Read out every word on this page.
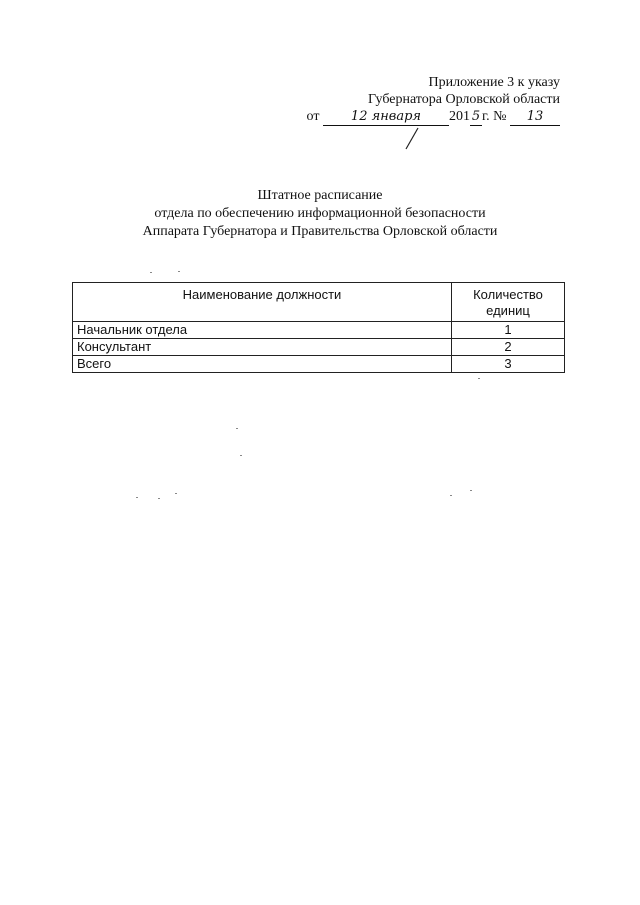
Приложение 3 к указу
Губернатора Орловской области
от 12 января 201 5 г. № 13
Штатное расписание
отдела по обеспечению информационной безопасности
Аппарата Губернатора и Правительства Орловской области
Наименование должности	Количество единиц
Начальник отдела	1
Консультант	2
Всего	3
